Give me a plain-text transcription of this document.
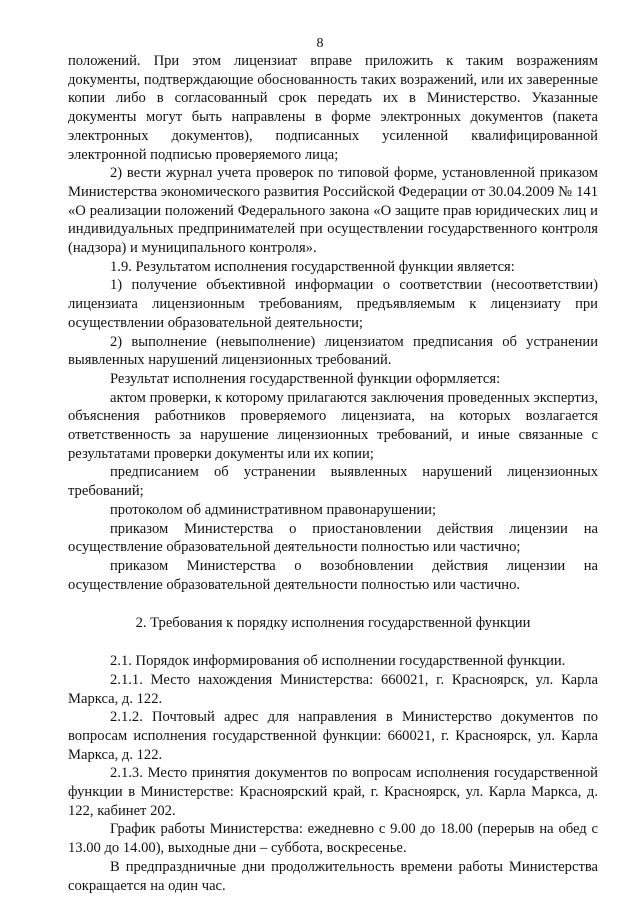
8

положений. При этом лицензиат вправе приложить к таким возражениям документы, подтверждающие обоснованность таких возражений, или их заверенные копии либо в согласованный срок передать их в Министерство. Указанные документы могут быть направлены в форме электронных документов (пакета электронных документов), подписанных усиленной квалифицированной электронной подписью проверяемого лица;

2) вести журнал учета проверок по типовой форме, установленной приказом Министерства экономического развития Российской Федерации от 30.04.2009 № 141 «О реализации положений Федерального закона «О защите прав юридических лиц и индивидуальных предпринимателей при осуществлении государственного контроля (надзора) и муниципального контроля».

1.9. Результатом исполнения государственной функции является:

1) получение объективной информации о соответствии (несоответствии) лицензиата лицензионным требованиям, предъявляемым к лицензиату при осуществлении образовательной деятельности;

2) выполнение (невыполнение) лицензиатом предписания об устранении выявленных нарушений лицензионных требований.

Результат исполнения государственной функции оформляется:

актом проверки, к которому прилагаются заключения проведенных экспертиз, объяснения работников проверяемого лицензиата, на которых возлагается ответственность за нарушение лицензионных требований, и иные связанные с результатами проверки документы или их копии;

предписанием об устранении выявленных нарушений лицензионных требований;

протоколом об административном правонарушении;

приказом Министерства о приостановлении действия лицензии на осуществление образовательной деятельности полностью или частично;

приказом Министерства о возобновлении действия лицензии на осуществление образовательной деятельности полностью или частично.

2. Требования к порядку исполнения государственной функции

2.1. Порядок информирования об исполнении государственной функции.

2.1.1. Место нахождения Министерства: 660021, г. Красноярск, ул. Карла Маркса, д. 122.

2.1.2. Почтовый адрес для направления в Министерство документов по вопросам исполнения государственной функции: 660021, г. Красноярск, ул. Карла Маркса, д. 122.

2.1.3. Место принятия документов по вопросам исполнения государственной функции в Министерстве: Красноярский край, г. Красноярск, ул. Карла Маркса, д. 122, кабинет 202.

График работы Министерства: ежедневно с 9.00 до 18.00 (перерыв на обед с 13.00 до 14.00), выходные дни – суббота, воскресенье.

В предпраздничные дни продолжительность времени работы Министерства сокращается на один час.
